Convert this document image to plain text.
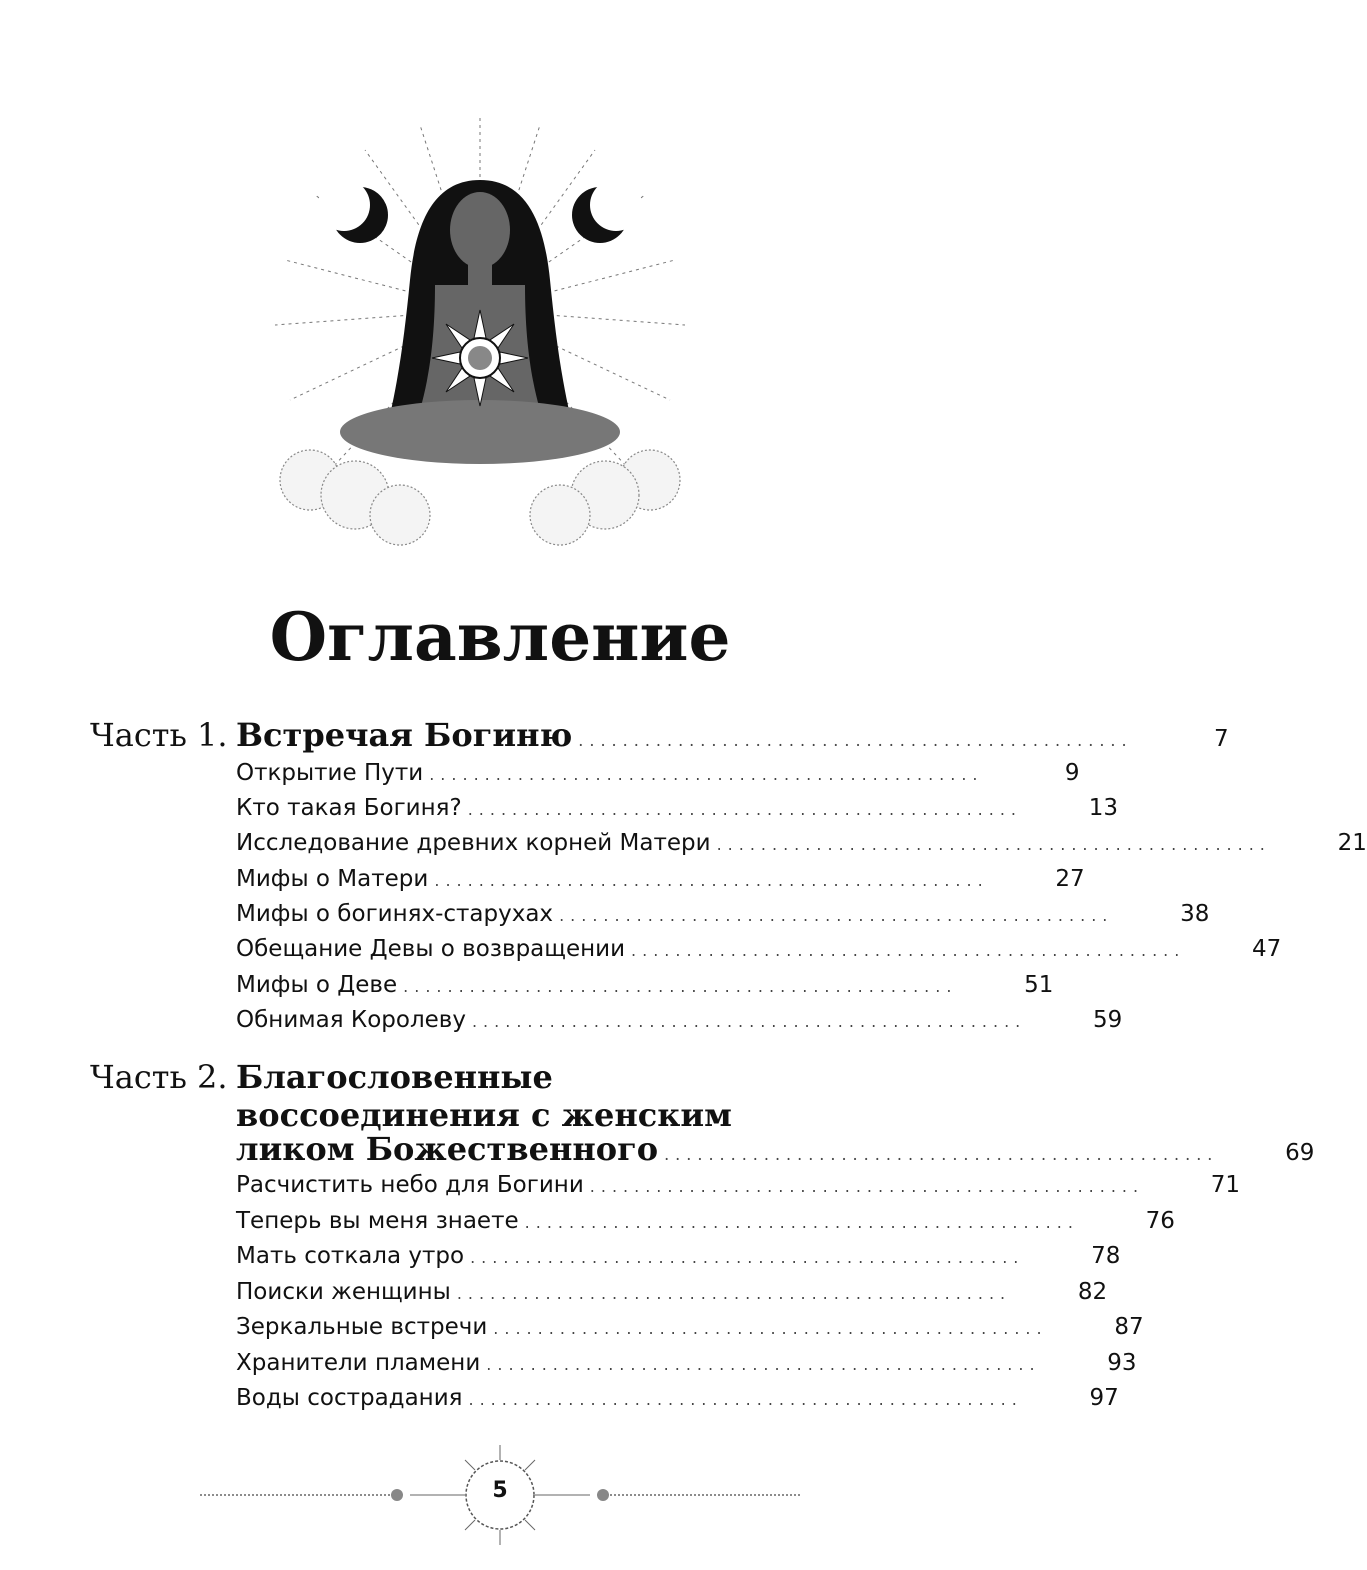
Оглавление
Часть 1. Встречая Богиню ..................................................	7
Открытие Пути ..................................................	9
Кто такая Богиня? ..................................................	13
Исследование древних корней Матери ..................................................	21
Мифы о Матери ..................................................	27
Мифы о богинях-старухах ..................................................	38
Обещание Девы о возвращении ..................................................	47
Мифы о Деве ..................................................	51
Обнимая Королеву ..................................................	59
Часть 2. Благословенные
воссоединения с женским
ликом Божественного ..................................................	69
Расчистить небо для Богини ..................................................	71
Теперь вы меня знаете ..................................................	76
Мать соткала утро ..................................................	78
Поиски женщины ..................................................	82
Зеркальные встречи ..................................................	87
Хранители пламени ..................................................	93
Воды сострадания ..................................................	97
5
